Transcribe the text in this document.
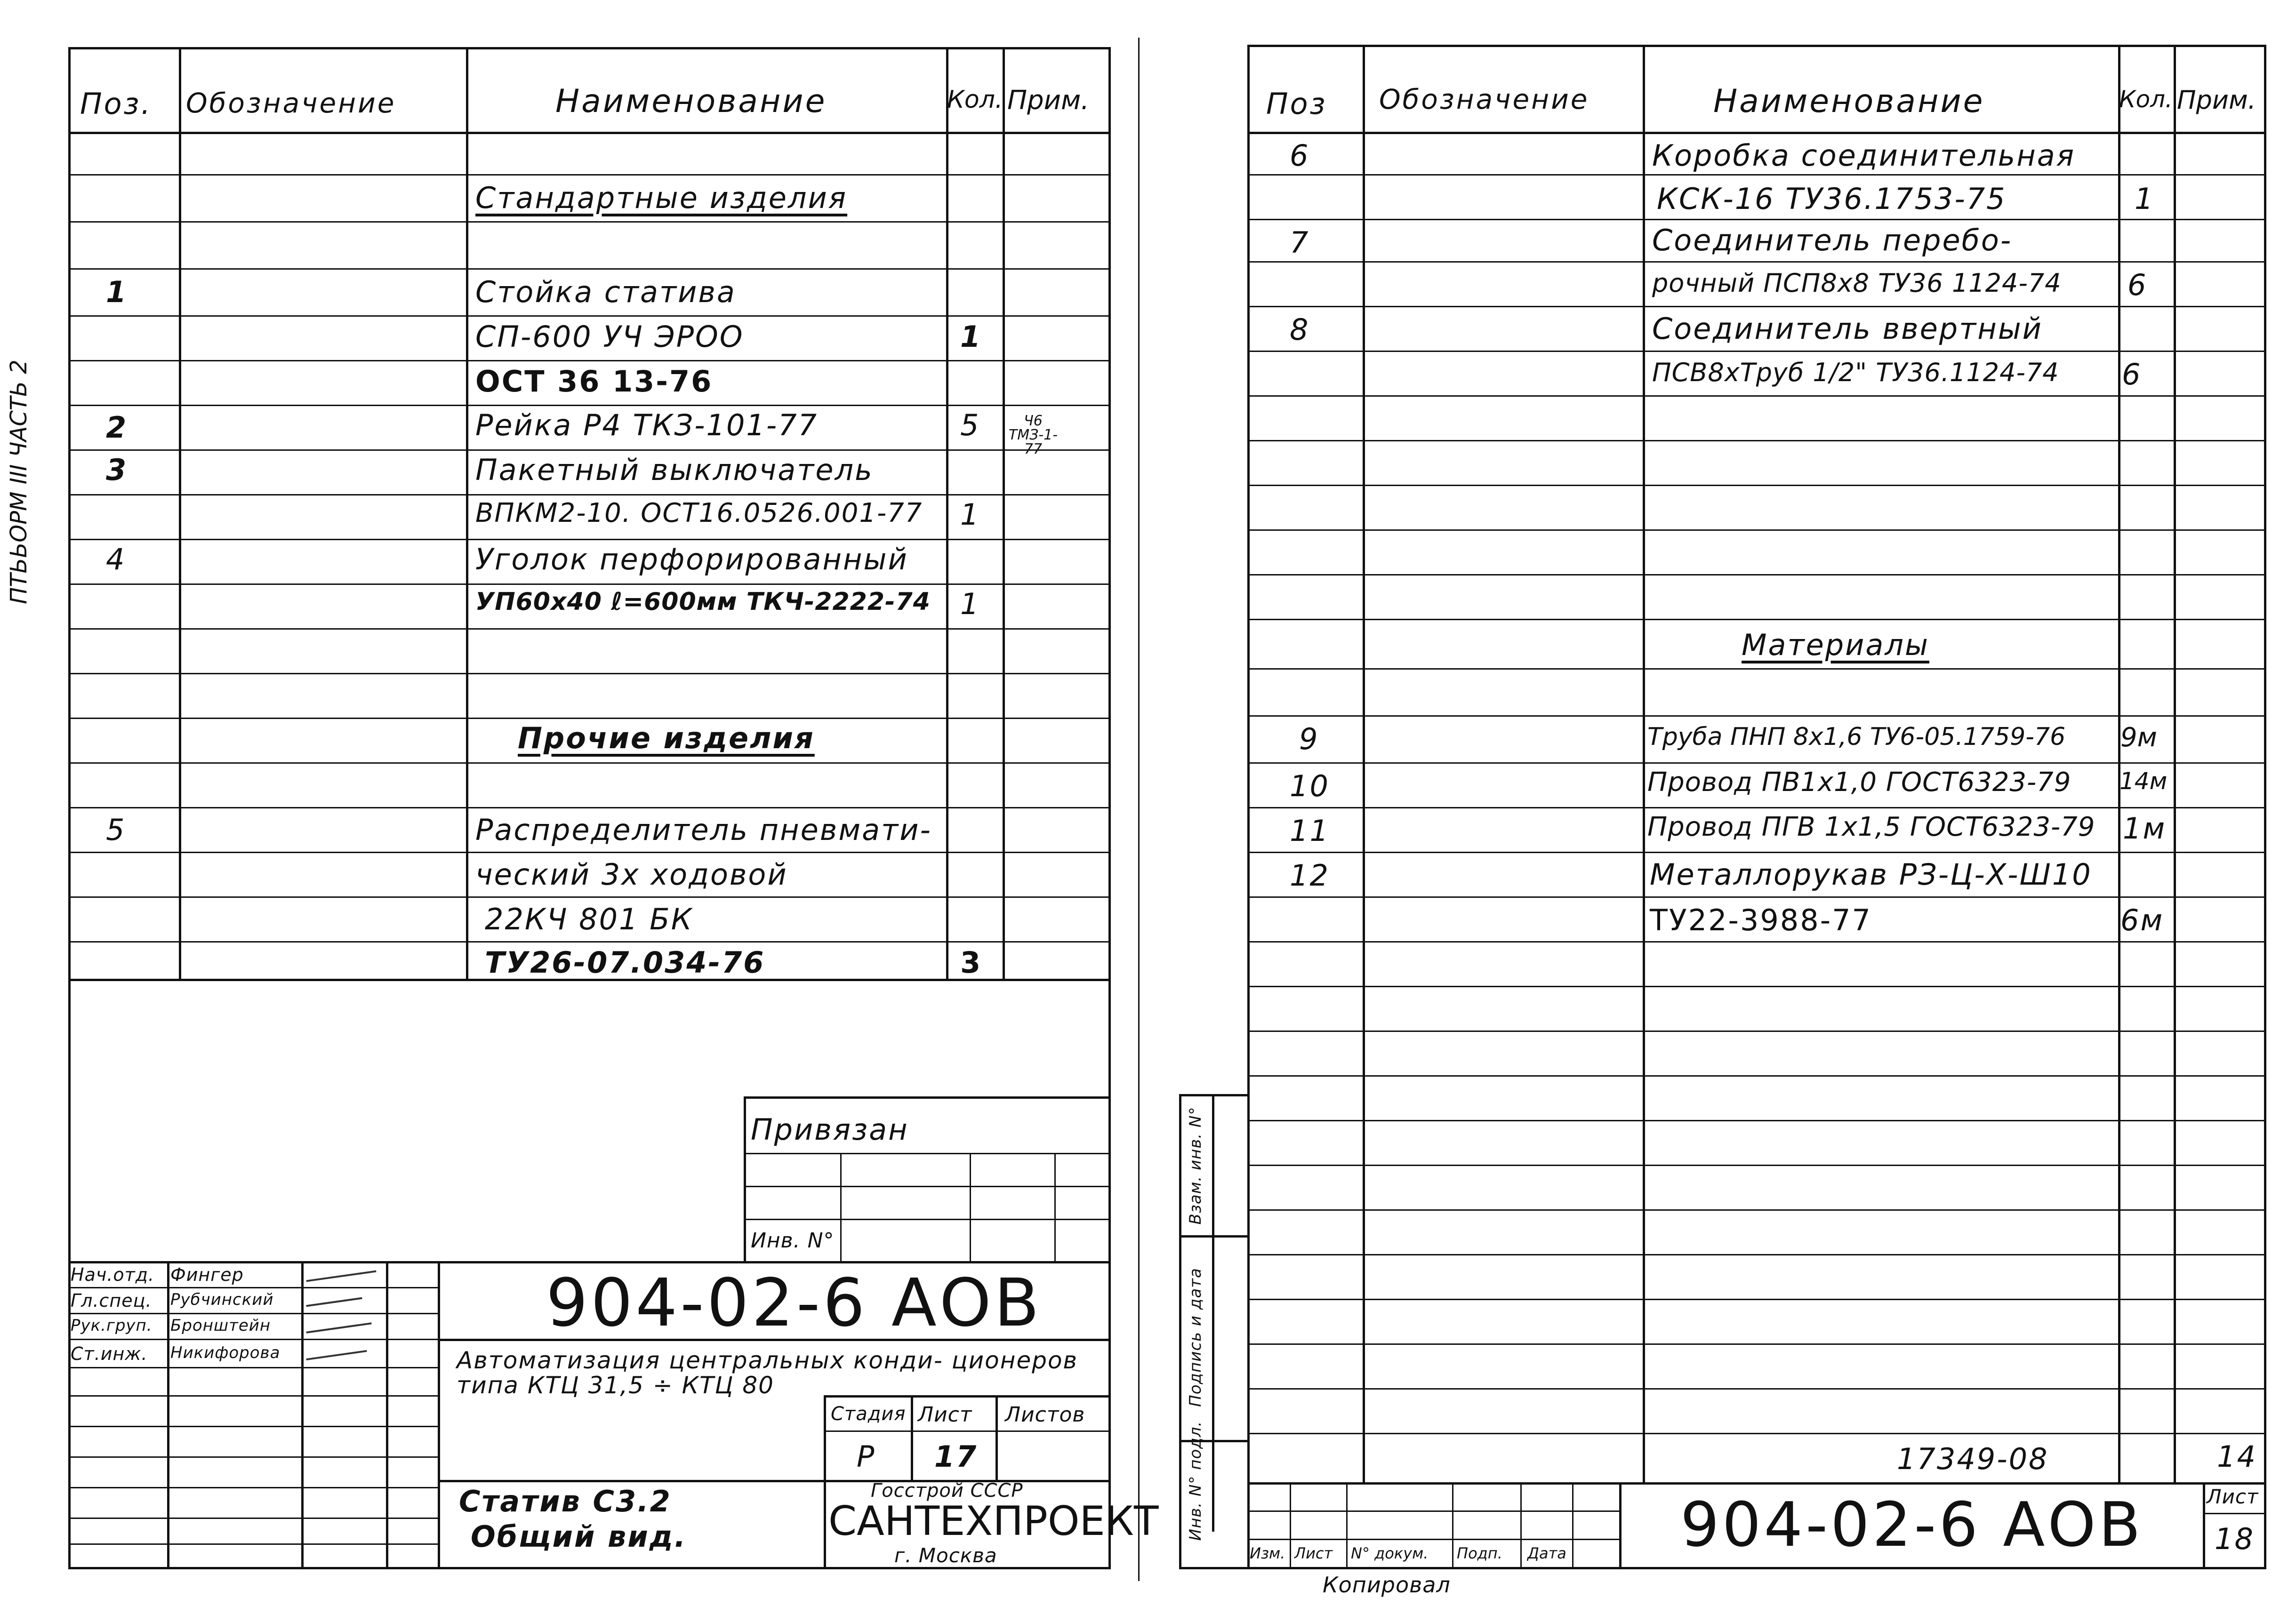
Поз. Обозначение	Наименование	Кол. Прим.
Стандартные изделия
1	Стойка статива
СП-600 УЧ ЭРОО	1
ОСТ 36 13-76
2	Рейка Р4 ТКЗ-101-77	5	Ч6 ТМЗ-1-77
3	Пакетный выключатель
ВПКМ2-10. ОСТ16.0526.001-77 1
4	Уголок перфорированный
УП60х40 ℓ=600мм ТКЧ-2222-74 1
Прочие изделия
5	Распределитель пневмати-
ческий 3х ходовой
22КЧ 801 БК
ТУ26-07.034-76	3
ПТЬЬОРМ III ЧАСТЬ 2
Привязан
Инв. N°
Нач.отд. Фингер
Гл.спец. Рубчинский
Рук.груп. Бронштейн
Ст.инж. Никифорова
904-02-6 АОВ
Автоматизация центральных конди- ционеров типа КТЦ 31,5 ÷ КТЦ 80
Стадия Лист Листов
Р 17
Статив С3.2
Общий вид.
Госстрой СССР
САНТЕХПРОЕКТ
г. Москва
Поз Обозначение	Наименование	Кол. Прим.
6	Коробка соединительная
КСК-16 ТУ36.1753-75	1
7	Соединитель перебо-
рочный ПСП8х8 ТУ36 1124-74 6
8	Соединитель ввертный
ПСВ8хТруб 1/2" ТУ36.1124-74 6
Материалы
9	Труба ПНП 8х1,6 ТУ6-05.1759-76 9м
10	Провод ПВ1х1,0 ГОСТ6323-79 14м
11	Провод ПГВ 1х1,5 ГОСТ6323-79 1м
12	Металлорукав РЗ-Ц-Х-Ш10
ТУ22-3988-77	6м
Инв. N° подл.
Подпись и дата
Взам. инв. N°
17349-08	14
904-02-6 АОВ	Лист
18
Изм. Лист N° докум. Подп. Дата
Копировал
